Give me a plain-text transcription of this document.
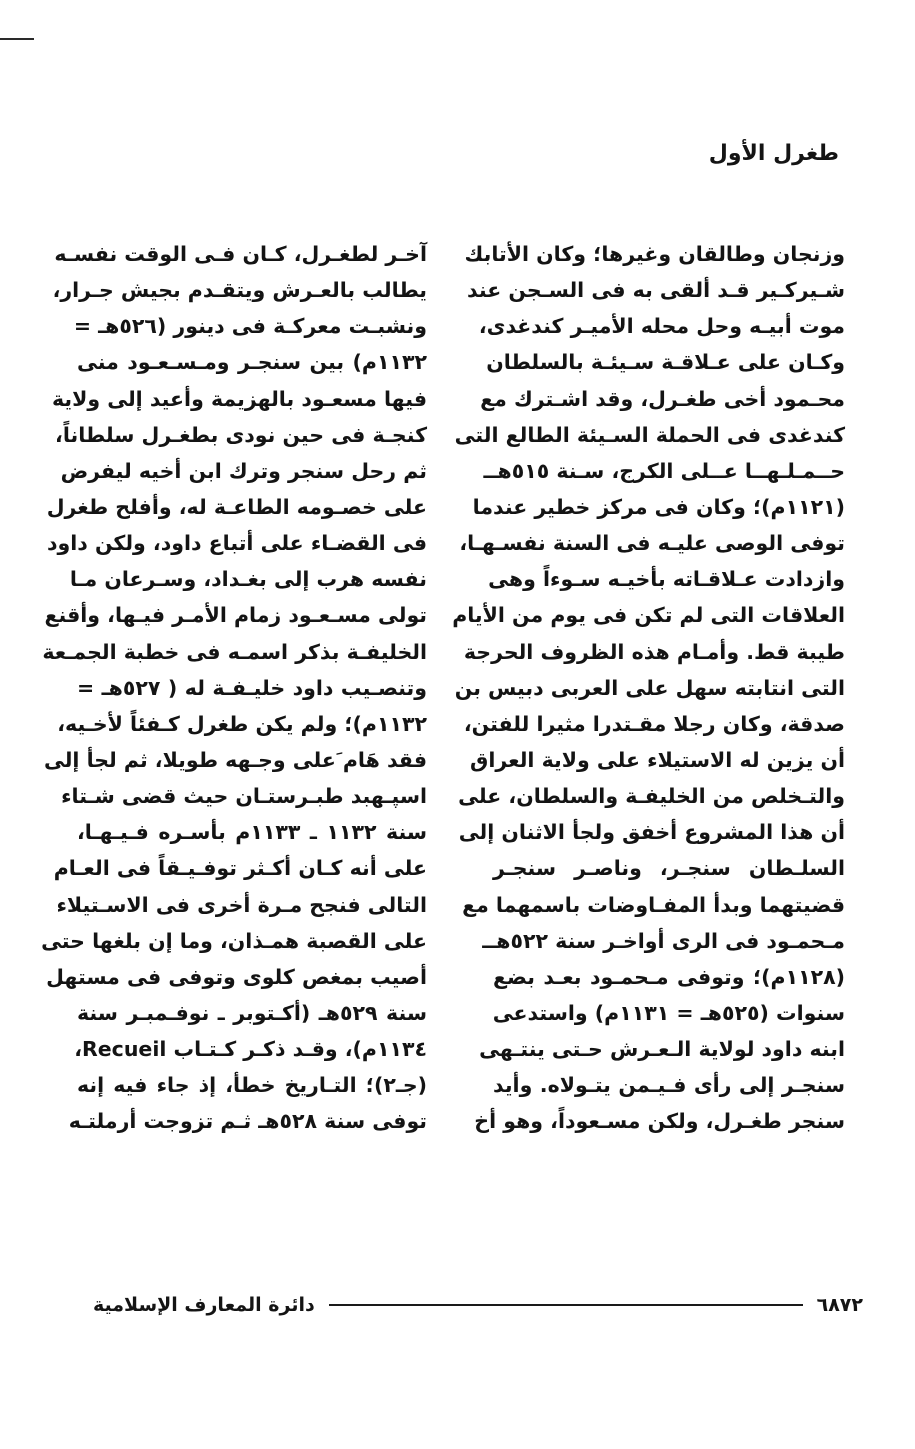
طغرل الأول
وزنجان وطالقان وغيرها؛ وكان الأتابك
شـيركـير قـد ألقى به فى السـجن عند
موت أبيـه وحل محله الأميـر كندغدى،
وكـان على عـلاقـة سـيئـة بالسلطان
محـمود أخى طغـرل، وقد اشـترك مع
كندغدى فى الحملة السـيئة الطالع التى
حــمـلـهــا عــلى الكرج، سـنة ٥١٥هــ
(١١٢١م)؛ وكان فى مركز خطير عندما
توفى الوصى عليـه فى السنة نفسـهـا،
وازدادت عـلاقـاته بأخيـه سـوءاً وهى
العلاقات التى لم تكن فى يوم من الأيام
طيبة قط. وأمـام هذه الظروف الحرجة
التى انتابته سهل على العربى دبيس بن
صدقة، وكان رجلا مقـتدرا مثيرا للفتن،
أن يزين له الاستيلاء على ولاية العراق
والتـخلص من الخليفـة والسلطان، على
أن هذا المشروع أخفق ولجأ الاثنان إلى
السلـطان سنجـر، وناصـر سنجـر
قضيتهما وبدأ المفـاوضات باسمهما مع
مـحمـود فى الرى أواخـر سنة ٥٢٢هــ
(١١٢٨م)؛ وتوفى مـحمـود بعـد بضع
سنوات (٥٢٥هـ = ١١٣١م) واستدعى
ابنه داود لولاية الـعـرش حـتى ينتـهى
سنجـر إلى رأى فـيـمن يتـولاه. وأيد
سنجر طغـرل، ولكن مسـعوداً، وهو أخ
آخـر لطغـرل، كـان فـى الوقت نفسـه
يطالب بالعـرش ويتقـدم بجيش جـرار،
ونشبـت معركـة فى دينور (٥٢٦هـ =
١١٣٢م) بين سنجـر ومـسـعـود منى
فيها مسعـود بالهزيمة وأعيد إلى ولاية
كنجـة فى حين نودى بطغـرل سلطاناً،
ثم رحل سنجر وترك ابن أخيه ليفرض
على خصـومه الطاعـة له، وأفلح طغرل
فى القضـاء على أتباع داود، ولكن داود
نفسه هرب إلى بغـداد، وسـرعان مـا
تولى مسـعـود زمام الأمـر فيـها، وأقنع
الخليفـة بذكر اسمـه فى خطبة الجمـعة
وتنصـيب داود خليـفـة له ( ٥٢٧هـ =
١١٣٢م)؛ ولم يكن طغرل كـفئاً لأخـيه،
فقد هَام َعلى وجـهه طويلا، ثم لجأ إلى
اسپـهبد طبـرستـان حيث قضى شـتاء
سنة ١١٣٢ ـ ١١٣٣م بأسـره فـيـهـا،
على أنه كـان أكـثر توفـيـقاً فى العـام
التالى فنجح مـرة أخرى فى الاسـتيلاء
على القصبة همـذان، وما إن بلغها حتى
أصيب بمغص كلوى وتوفى فى مستهل
سنة ٥٢٩هـ (أكـتوبر ـ نوفـمبـر سنة
١١٣٤م)، وقـد ذكـر كـتـاب Recueil،
(جـ٢)؛ التـاريخ خطأ، إذ جاء فيه إنه
توفى سنة ٥٢٨هـ ثـم تزوجت أرملتـه
٦٨٧٢
دائرة المعارف الإسلامية
